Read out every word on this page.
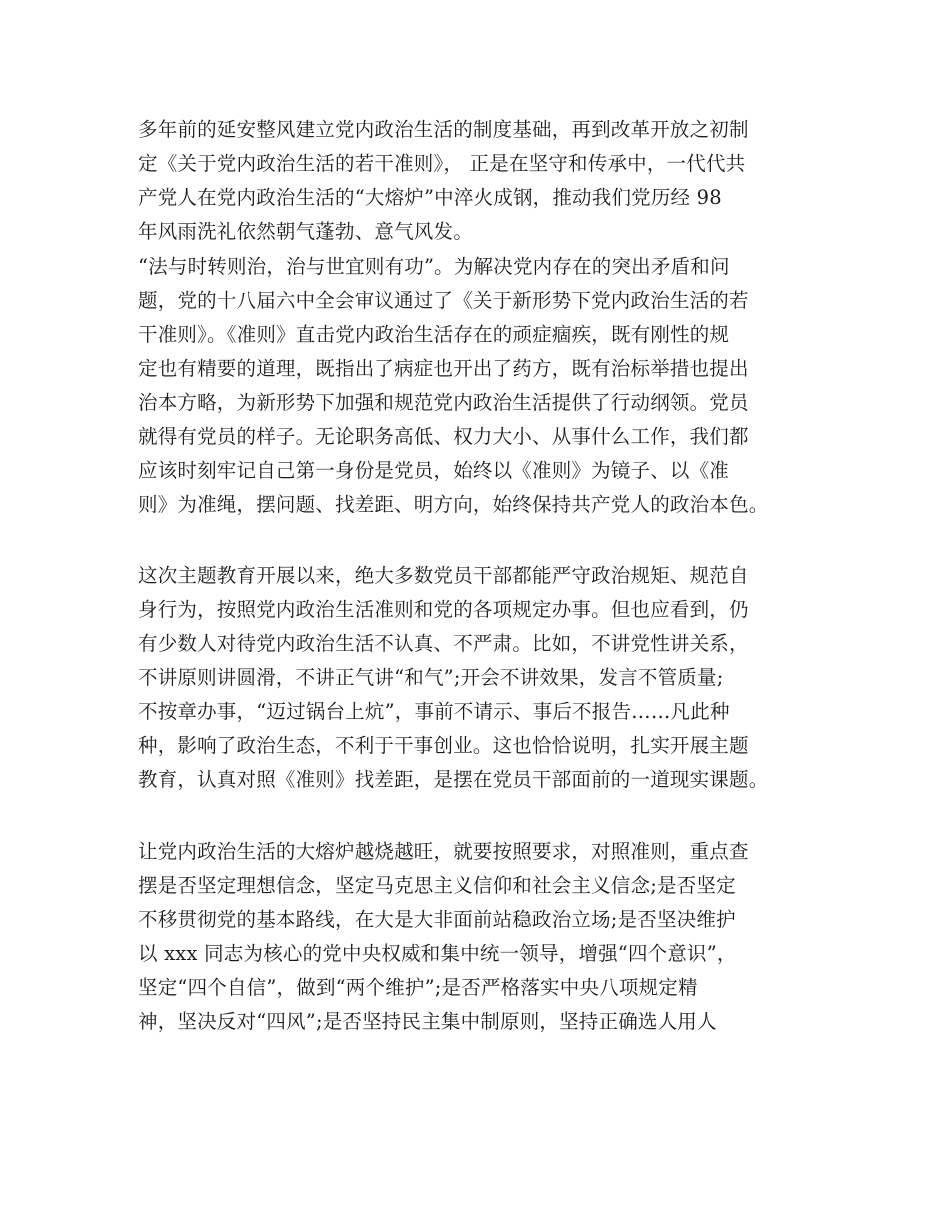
多年前的延安整风建立党内政治生活的制度基础，再到改革开放之初制

定《关于党内政治生活的若干准则》， 正是在坚守和传承中，一代代共

产党人在党内政治生活的“大熔炉”中淬火成钢，推动我们党历经 98

年风雨洗礼依然朝气蓬勃、意气风发。

“法与时转则治，治与世宜则有功”。为解决党内存在的突出矛盾和问

题，党的十八届六中全会审议通过了《关于新形势下党内政治生活的若

干准则》。《准则》直击党内政治生活存在的顽症痼疾，既有刚性的规

定也有精要的道理，既指出了病症也开出了药方，既有治标举措也提出

治本方略，为新形势下加强和规范党内政治生活提供了行动纲领。党员

就得有党员的样子。无论职务高低、权力大小、从事什么工作，我们都

应该时刻牢记自己第一身份是党员，始终以《准则》为镜子、以《准

则》为准绳，摆问题、找差距、明方向，始终保持共产党人的政治本色。

这次主题教育开展以来，绝大多数党员干部都能严守政治规矩、规范自

身行为，按照党内政治生活准则和党的各项规定办事。但也应看到，仍

有少数人对待党内政治生活不认真、不严肃。比如，不讲党性讲关系，

不讲原则讲圆滑，不讲正气讲“和气”;开会不讲效果，发言不管质量;

不按章办事，“迈过锅台上炕”，事前不请示、事后不报告……凡此种

种，影响了政治生态，不利于干事创业。这也恰恰说明，扎实开展主题

教育，认真对照《准则》找差距，是摆在党员干部面前的一道现实课题。

让党内政治生活的大熔炉越烧越旺，就要按照要求，对照准则，重点查

摆是否坚定理想信念，坚定马克思主义信仰和社会主义信念;是否坚定

不移贯彻党的基本路线，在大是大非面前站稳政治立场;是否坚决维护

以 xxx 同志为核心的党中央权威和集中统一领导，增强“四个意识”，

坚定“四个自信”，做到“两个维护”;是否严格落实中央八项规定精

神，坚决反对“四风”;是否坚持民主集中制原则，坚持正确选人用人
